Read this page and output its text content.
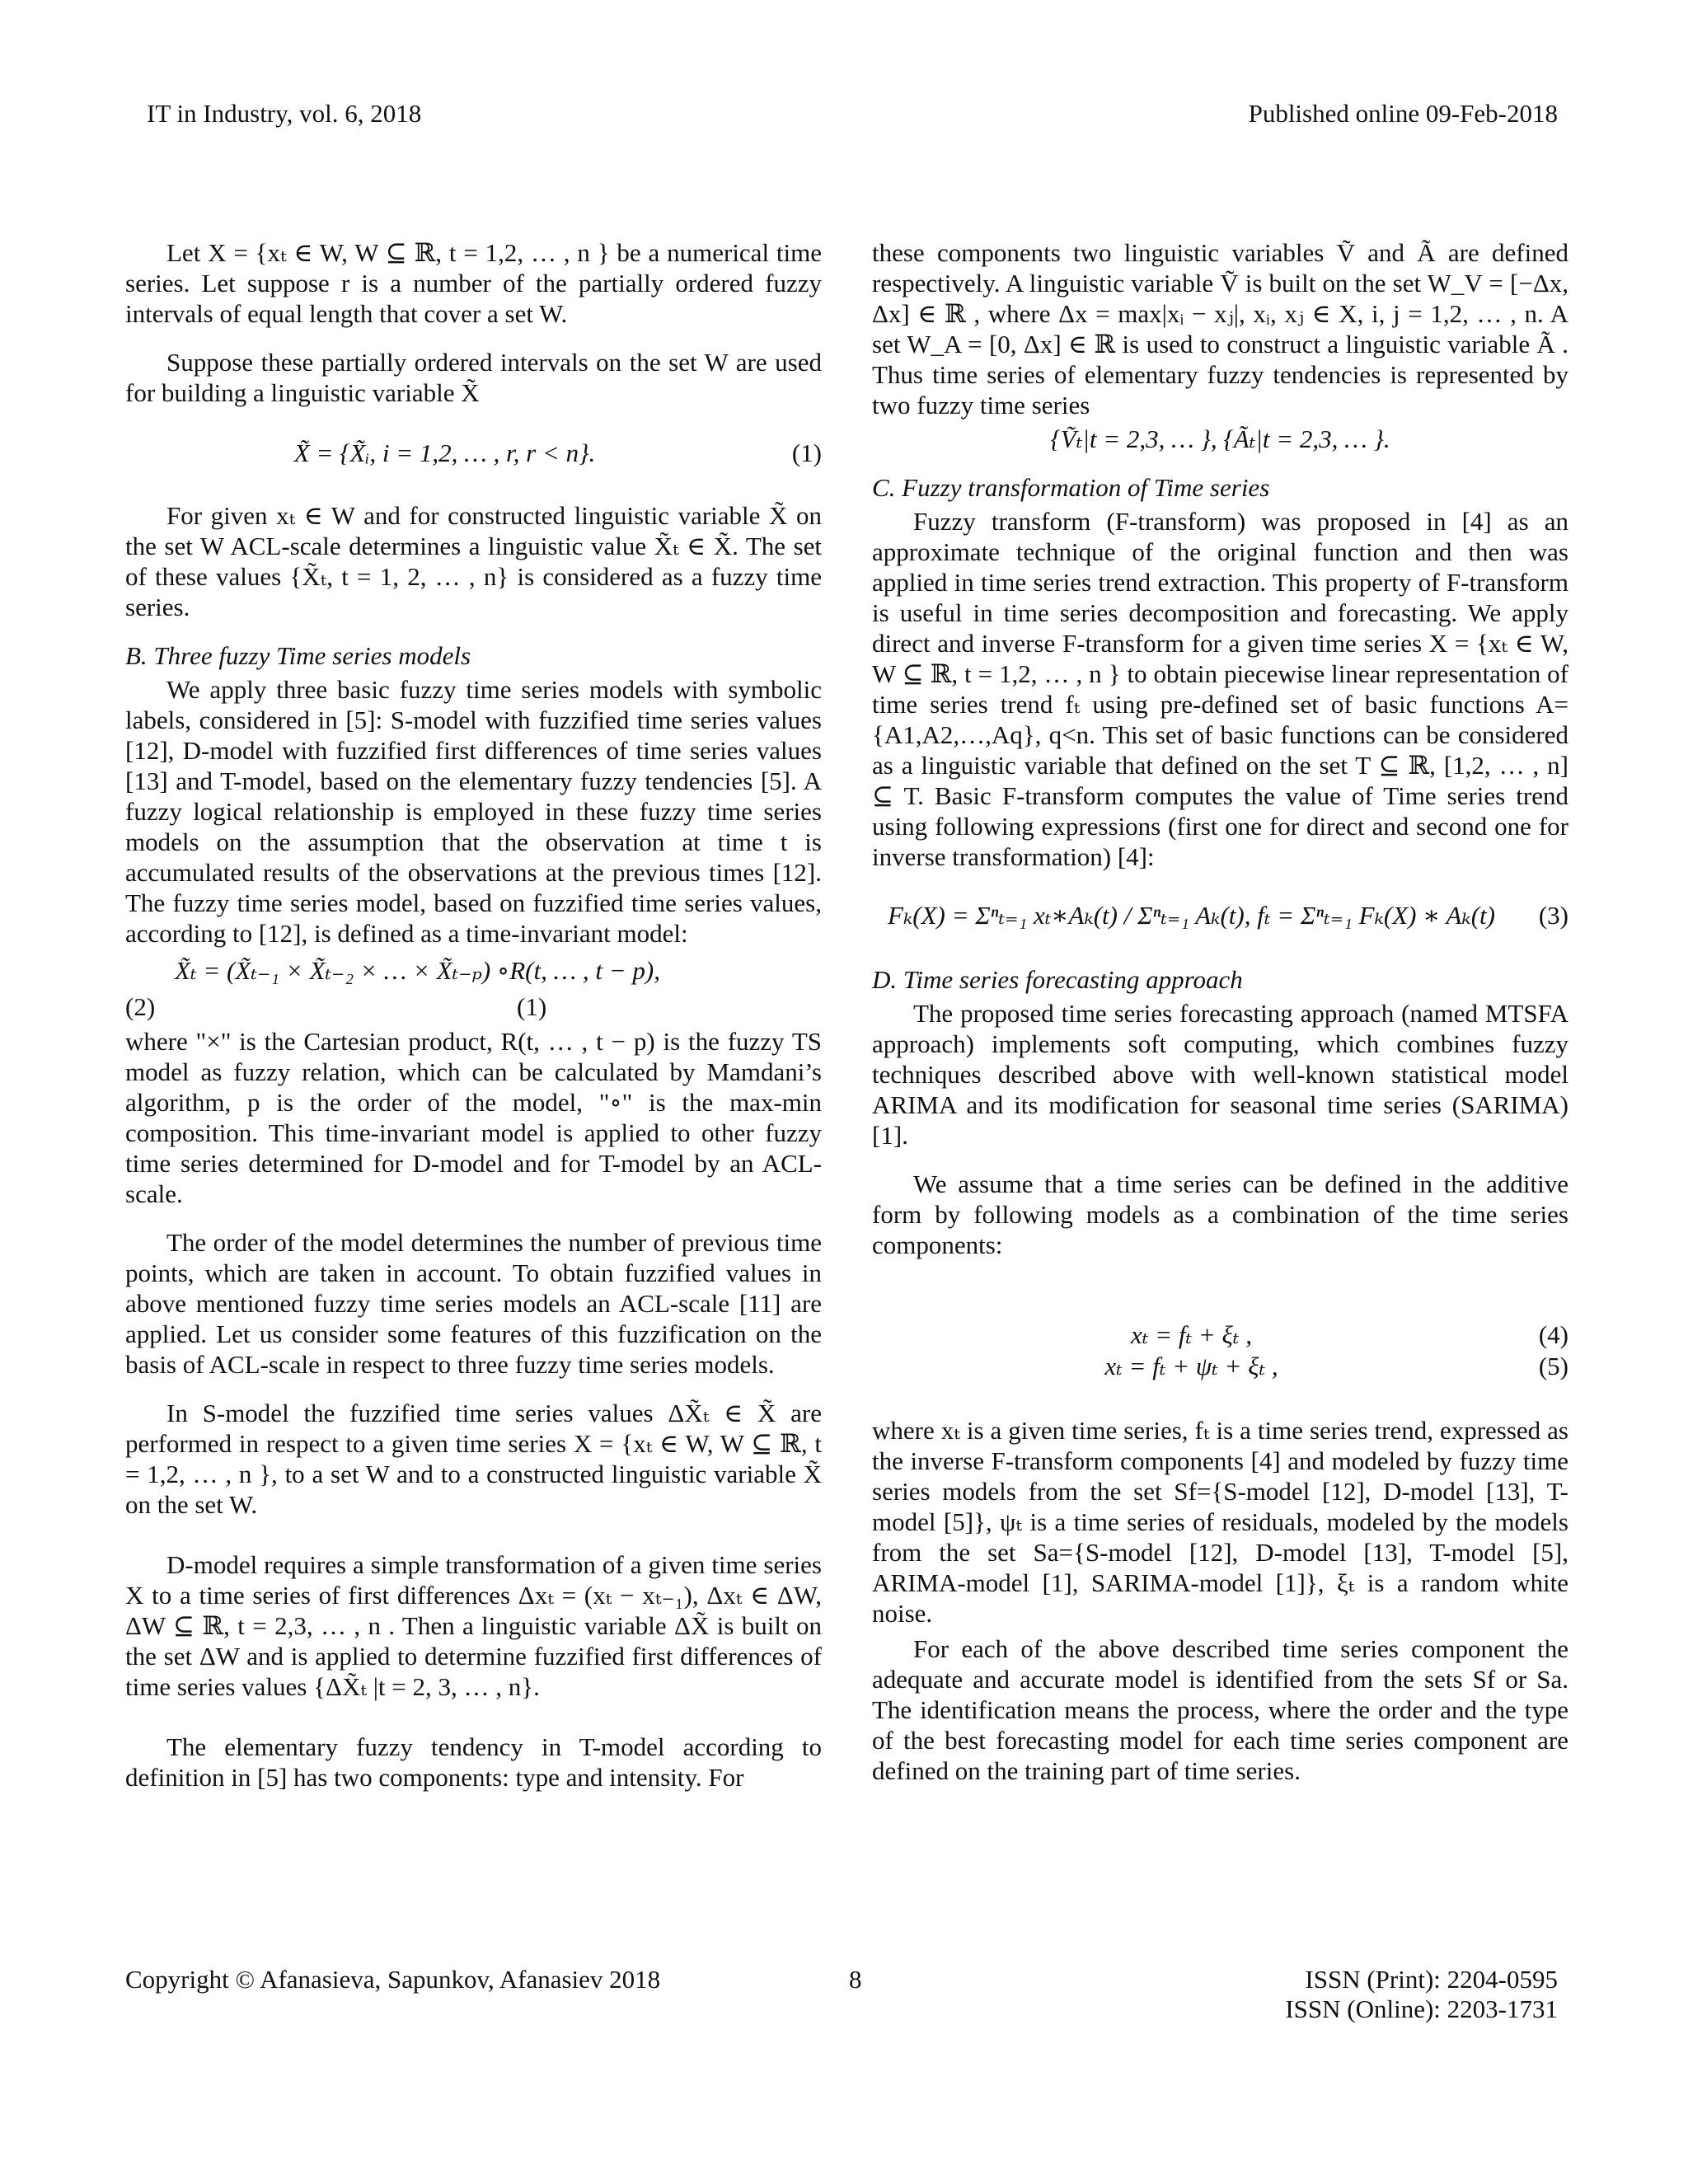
IT in Industry, vol. 6, 2018	Published online 09-Feb-2018

Let X = {xₜ ∈ W, W ⊆ ℝ, t = 1,2, … , n } be a numerical time series. Let suppose r is a number of the partially ordered fuzzy intervals of equal length that cover a set W.

Suppose these partially ordered intervals on the set W are used for building a linguistic variable X̃

X̃ = {X̃ᵢ, i = 1,2, … , r, r < n}.	(1)

For given xₜ ∈ W and for constructed linguistic variable X̃ on the set W ACL-scale determines a linguistic value X̃ₜ ∈ X̃. The set of these values {X̃ₜ, t = 1, 2, … , n} is considered as a fuzzy time series.

B. Three fuzzy Time series models

We apply three basic fuzzy time series models with symbolic labels, considered in [5]: S-model with fuzzified time series values [12], D-model with fuzzified first differences of time series values [13] and T-model, based on the elementary fuzzy tendencies [5]. A fuzzy logical relationship is employed in these fuzzy time series models on the assumption that the observation at time t is accumulated results of the observations at the previous times [12]. The fuzzy time series model, based on fuzzified time series values, according to [12], is defined as a time-invariant model:

X̃ₜ = (X̃ₜ₋₁ × X̃ₜ₋₂ × … × X̃ₜ₋ₚ) ∘R(t, … , t − p),
(2)	(1)

where "×" is the Cartesian product, R(t, … , t − p) is the fuzzy TS model as fuzzy relation, which can be calculated by Mamdani’s algorithm, p is the order of the model, "∘" is the max-min composition. This time-invariant model is applied to other fuzzy time series determined for D-model and for T-model by an ACL-scale.

The order of the model determines the number of previous time points, which are taken in account. To obtain fuzzified values in above mentioned fuzzy time series models an ACL-scale [11] are applied. Let us consider some features of this fuzzification on the basis of ACL-scale in respect to three fuzzy time series models.

In S-model the fuzzified time series values ΔX̃ₜ ∈ X̃ are performed in respect to a given time series X = {xₜ ∈ W, W ⊆ ℝ, t = 1,2, … , n }, to a set W and to a constructed linguistic variable X̃ on the set W.

D-model requires a simple transformation of a given time series X to a time series of first differences Δxₜ = (xₜ − xₜ₋₁), Δxₜ ∈ ΔW, ΔW ⊆ ℝ, t = 2,3, … , n . Then a linguistic variable ΔX̃ is built on the set ΔW and is applied to determine fuzzified first differences of time series values {ΔX̃ₜ |t = 2, 3, … , n}.

The elementary fuzzy tendency in T-model according to definition in [5] has two components: type and intensity. For

these components two linguistic variables Ṽ and Ã are defined respectively. A linguistic variable Ṽ is built on the set W_V = [−Δx, Δx] ∈ ℝ , where Δx = max|xᵢ − xⱼ|, xᵢ, xⱼ ∈ X, i, j = 1,2, … , n. A set W_A = [0, Δx] ∈ ℝ is used to construct a linguistic variable Ã . Thus time series of elementary fuzzy tendencies is represented by two fuzzy time series

{Ṽₜ|t = 2,3, … }, {Ãₜ|t = 2,3, … }.
C. Fuzzy transformation of Time series

Fuzzy transform (F-transform) was proposed in [4] as an approximate technique of the original function and then was applied in time series trend extraction. This property of F-transform is useful in time series decomposition and forecasting. We apply direct and inverse F-transform for a given time series X = {xₜ ∈ W, W ⊆ ℝ, t = 1,2, … , n } to obtain piecewise linear representation of time series trend fₜ using pre-defined set of basic functions A={A1,A2,…,Aq}, q<n. This set of basic functions can be considered as a linguistic variable that defined on the set T ⊆ ℝ, [1,2, … , n] ⊆ T. Basic F-transform computes the value of Time series trend using following expressions (first one for direct and second one for inverse transformation) [4]:

Fₖ(X) = Σⁿₜ₌₁ xₜ∗Aₖ(t) / Σⁿₜ₌₁ Aₖ(t), fₜ = Σⁿₜ₌₁ Fₖ(X) ∗ Aₖ(t)	(3)
D. Time series forecasting approach

The proposed time series forecasting approach (named MTSFA approach) implements soft computing, which combines fuzzy techniques described above with well-known statistical model ARIMA and its modification for seasonal time series (SARIMA) [1].

We assume that a time series can be defined in the additive form by following models as a combination of the time series components:

xₜ = fₜ + ξₜ ,	(4)
xₜ = fₜ + ψₜ + ξₜ ,	(5)

where xₜ is a given time series, fₜ is a time series trend, expressed as the inverse F-transform components [4] and modeled by fuzzy time series models from the set Sf={S-model [12], D-model [13], T-model [5]}, ψₜ is a time series of residuals, modeled by the models from the set Sa={S-model [12], D-model [13], T-model [5], ARIMA-model [1], SARIMA-model [1]}, ξₜ is a random white noise.

For each of the above described time series component the adequate and accurate model is identified from the sets Sf or Sa. The identification means the process, where the order and the type of the best forecasting model for each time series component are defined on the training part of time series.

Copyright © Afanasieva, Sapunkov, Afanasiev 2018	8	ISSN (Print): 2204-0595
ISSN (Online): 2203-1731
